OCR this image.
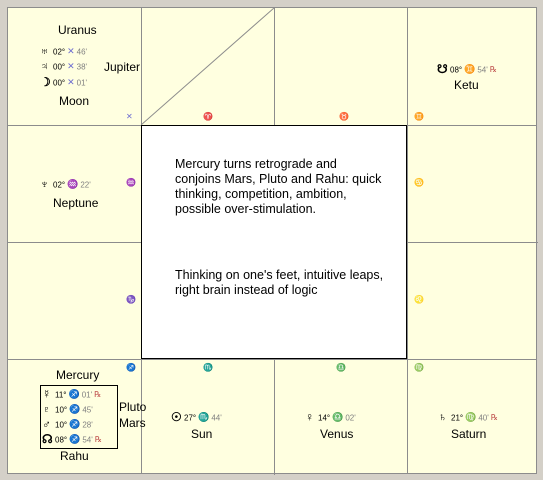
Uranus
♅ 02° ✕ 46'
♃ 00° ✕ 38' Jupiter
☽ 00° ✕ 01'
Moon
✕	♈	♉	♊
☋ 08° ♊ 54' ℞
Ketu
♆ 02° ♒ 22'
Neptune
♒	♋
♑	♌

Mercury turns retrograde and conjoins Mars, Pluto and Rahu: quick thinking, competition, ambition, possible over-stimulation.

Thinking on one's feet, intuitive leaps, right brain instead of logic

♐	♏	♎	♍
Mercury
☿ 11° ♐ 01' ℞
♇ 10° ♐ 45' Pluto
♂ 10° ♐ 28' Mars
☊ 08° ♐ 54' ℞
Rahu
☉ 27° ♏ 44'
Sun
♀ 14° ♎ 02'
Venus
♄ 21° ♍ 40' ℞
Saturn
